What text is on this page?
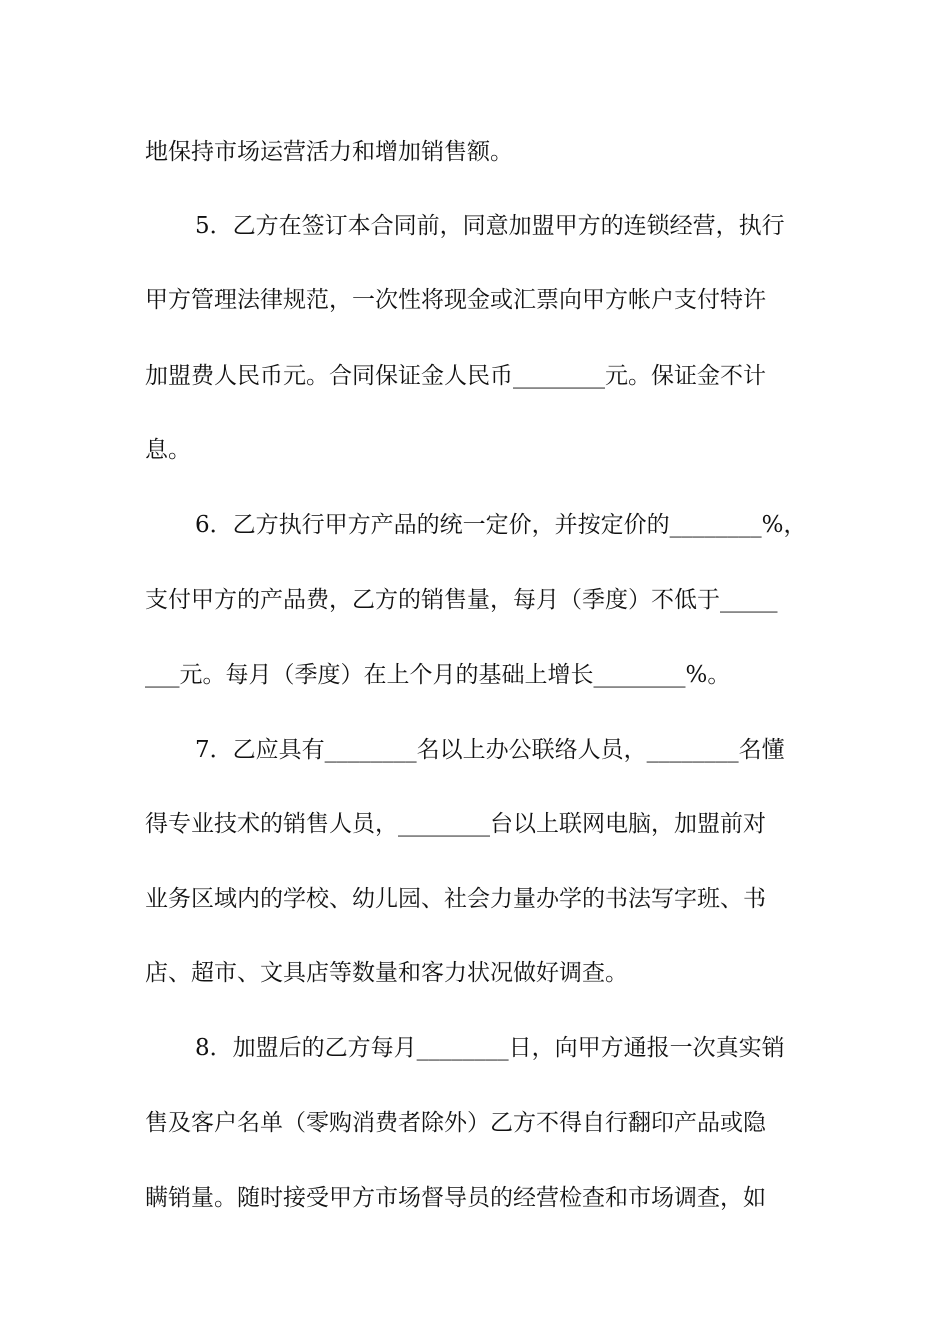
地保持市场运营活力和增加销售额。
5．乙方在签订本合同前，同意加盟甲方的连锁经营，执行
甲方管理法律规范，一次性将现金或汇票向甲方帐户支付特许
加盟费人民币元。合同保证金人民币________元。保证金不计
息。
6．乙方执行甲方产品的统一定价，并按定价的________%，
支付甲方的产品费，乙方的销售量，每月（季度）不低于_____
___元。每月（季度）在上个月的基础上增长________%。
7．乙应具有________名以上办公联络人员，________名懂
得专业技术的销售人员，________台以上联网电脑，加盟前对
业务区域内的学校、幼儿园、社会力量办学的书法写字班、书
店、超市、文具店等数量和客力状况做好调查。
8．加盟后的乙方每月________日，向甲方通报一次真实销
售及客户名单（零购消费者除外）乙方不得自行翻印产品或隐
瞒销量。随时接受甲方市场督导员的经营检查和市场调查，如
